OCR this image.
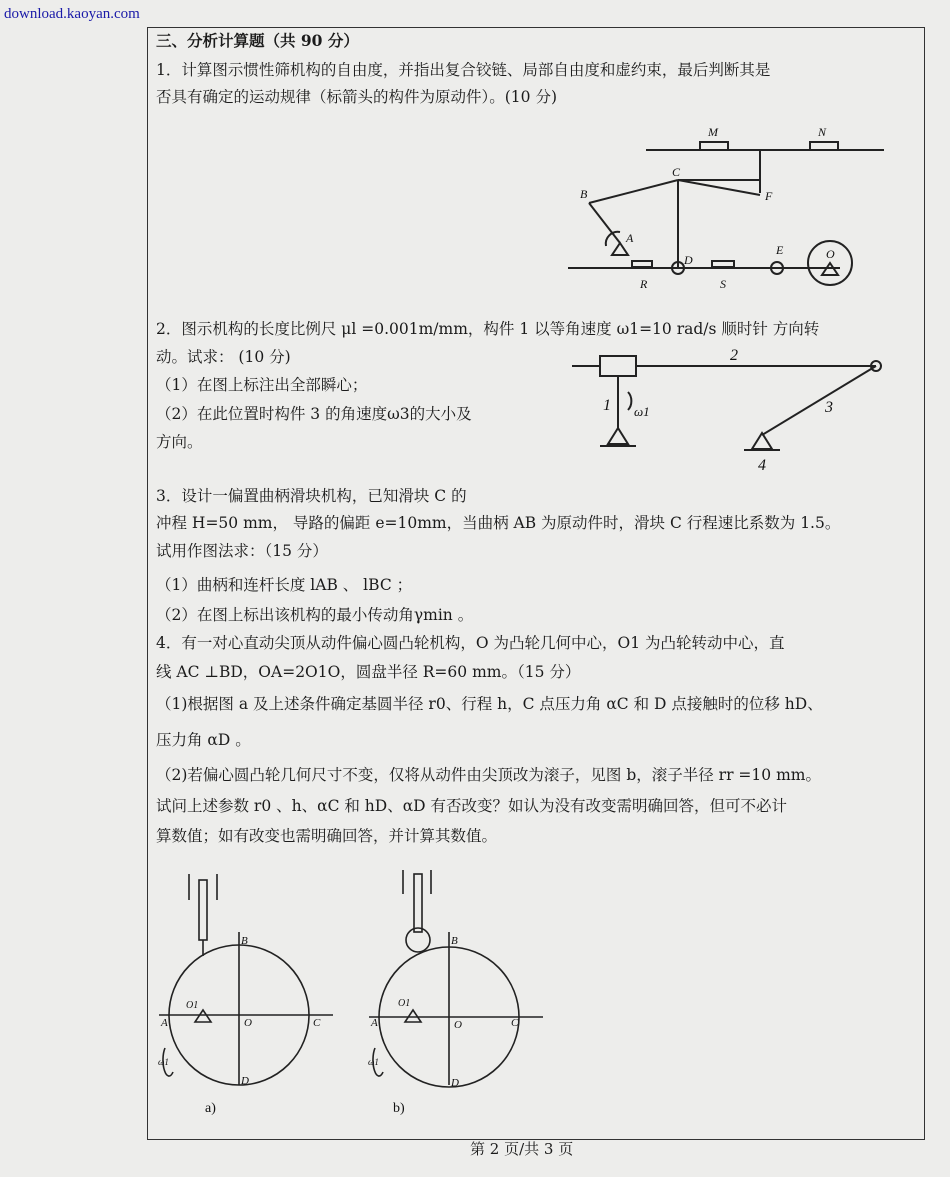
download.kaoyan.com
三、分析计算题（共 90 分）
1．计算图示惯性筛机构的自由度，并指出复合铰链、局部自由度和虚约束，最后判断其是
否具有确定的运动规律（标箭头的构件为原动件）。(10 分)
M	N
B
C
F
A
D
E	O
R	S
2．图示机构的长度比例尺 μl =0.001m/mm，构件 1 以等角速度 ω1=10 rad/s 顺时针 方向转
动。试求： (10 分)
（1）在图上标注出全部瞬心；
（2）在此位置时构件 3 的角速度ω3的大小及
方向。
2
1 ω1	3
4
3．设计一偏置曲柄滑块机构，已知滑块 C 的
冲程 H=50 mm， 导路的偏距 e=10mm，当曲柄 AB 为原动件时，滑块 C 行程速比系数为 1.5。
试用作图法求：（15 分）
（1）曲柄和连杆长度 lAB 、 lBC ；
（2）在图上标出该机构的最小传动角γmin 。
4．有一对心直动尖顶从动件偏心圆凸轮机构，O 为凸轮几何中心，O1 为凸轮转动中心，直
线 AC ⊥BD，OA=2O1O，圆盘半径 R=60 mm。（15 分）
（1)根据图 a 及上述条件确定基圆半径 r0、行程 h，C 点压力角 αC 和 D 点接触时的位移 hD、
压力角 αD 。
（2)若偏心圆凸轮几何尺寸不变，仅将从动件由尖顶改为滚子，见图 b，滚子半径 rr =10 mm。
试问上述参数 r0 、h、αC 和 hD、αD 有否改变？如认为没有改变需明确回答，但可不必计
算数值；如有改变也需明确回答，并计算其数值。
B
A	C
D
O
O1
ω1
a)
B
A	C
D
O
O1
ω1
b)
第 2 页/共 3 页
